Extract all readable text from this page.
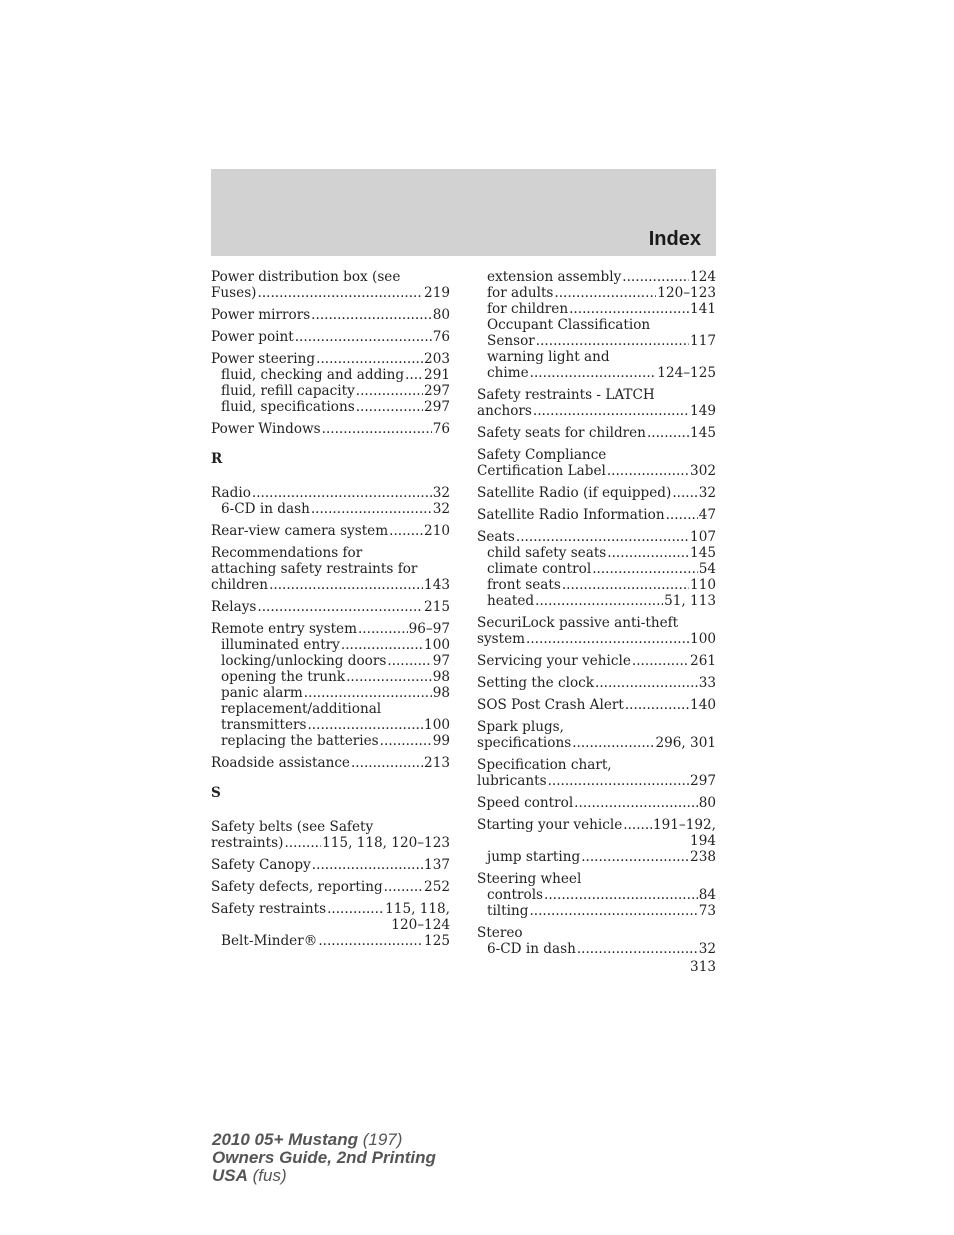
Index
Power distribution box (see
Fuses) .....	219
Power mirrors .....	80
Power point .....	76
Power steering .....	203
fluid, checking and adding ..... 291
fluid, refill capacity .....	297
fluid, specifications .....	297
Power Windows .....	76
R
Radio .....	32
6-CD in dash .....	32
Rear-view camera system .....	210
Recommendations for
attaching safety restraints for
children .....	143
Relays .....	215
Remote entry system .....	96–97
illuminated entry .....	100
locking/unlocking doors .....	97
opening the trunk .....	98
panic alarm .....	98
replacement/additional
transmitters .....	100
replacing the batteries .....	99
Roadside assistance .....	213
S
Safety belts (see Safety
restraints) .....	115, 118, 120–123
Safety Canopy .....	137
Safety defects, reporting .....	252
Safety restraints .....	115, 118,
120–124
Belt-Minder® .....	125
extension assembly .....	124
for adults .....	120–123
for children .....	141
Occupant Classification
Sensor .....	117
warning light and
chime .....	124–125
Safety restraints - LATCH
anchors .....	149
Safety seats for children .....	145
Safety Compliance
Certification Label .....	302
Satellite Radio (if equipped) ..... 32
Satellite Radio Information .....	47
Seats .....	107
child safety seats .....	145
climate control .....	54
front seats .....	110
heated .....	51, 113
SecuriLock passive anti-theft
system .....	100
Servicing your vehicle .....	261
Setting the clock .....	33
SOS Post Crash Alert .....	140
Spark plugs,
specifications .....	296, 301
Specification chart,
lubricants .....	297
Speed control .....	80
Starting your vehicle ..... 191–192,
194
jump starting .....	238
Steering wheel
controls .....	84
tilting .....	73
Stereo
6-CD in dash .....	32
313
2010 05+ Mustang (197)
Owners Guide, 2nd Printing
USA (fus)
